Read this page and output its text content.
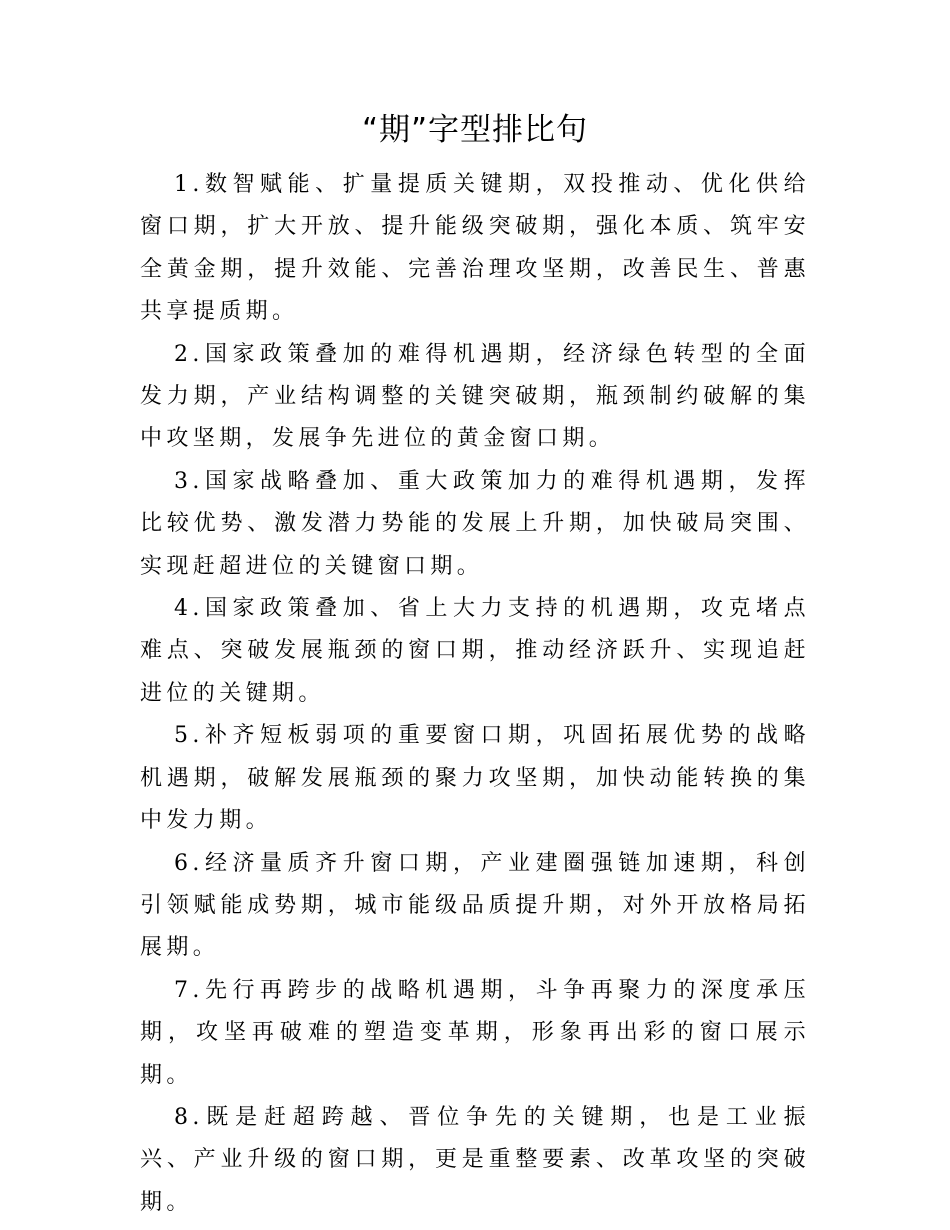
“期”字型排比句

1.数智赋能、扩量提质关键期，双投推动、优化供给窗口期，扩大开放、提升能级突破期，强化本质、筑牢安全黄金期，提升效能、完善治理攻坚期，改善民生、普惠共享提质期。

2.国家政策叠加的难得机遇期，经济绿色转型的全面发力期，产业结构调整的关键突破期，瓶颈制约破解的集中攻坚期，发展争先进位的黄金窗口期。

3.国家战略叠加、重大政策加力的难得机遇期，发挥比较优势、激发潜力势能的发展上升期，加快破局突围、实现赶超进位的关键窗口期。

4.国家政策叠加、省上大力支持的机遇期，攻克堵点难点、突破发展瓶颈的窗口期，推动经济跃升、实现追赶进位的关键期。

5.补齐短板弱项的重要窗口期，巩固拓展优势的战略机遇期，破解发展瓶颈的聚力攻坚期，加快动能转换的集中发力期。

6.经济量质齐升窗口期，产业建圈强链加速期，科创引领赋能成势期，城市能级品质提升期，对外开放格局拓展期。

7.先行再跨步的战略机遇期，斗争再聚力的深度承压期，攻坚再破难的塑造变革期，形象再出彩的窗口展示期。

8.既是赶超跨越、晋位争先的关键期，也是工业振兴、产业升级的窗口期，更是重整要素、改革攻坚的突破期。
